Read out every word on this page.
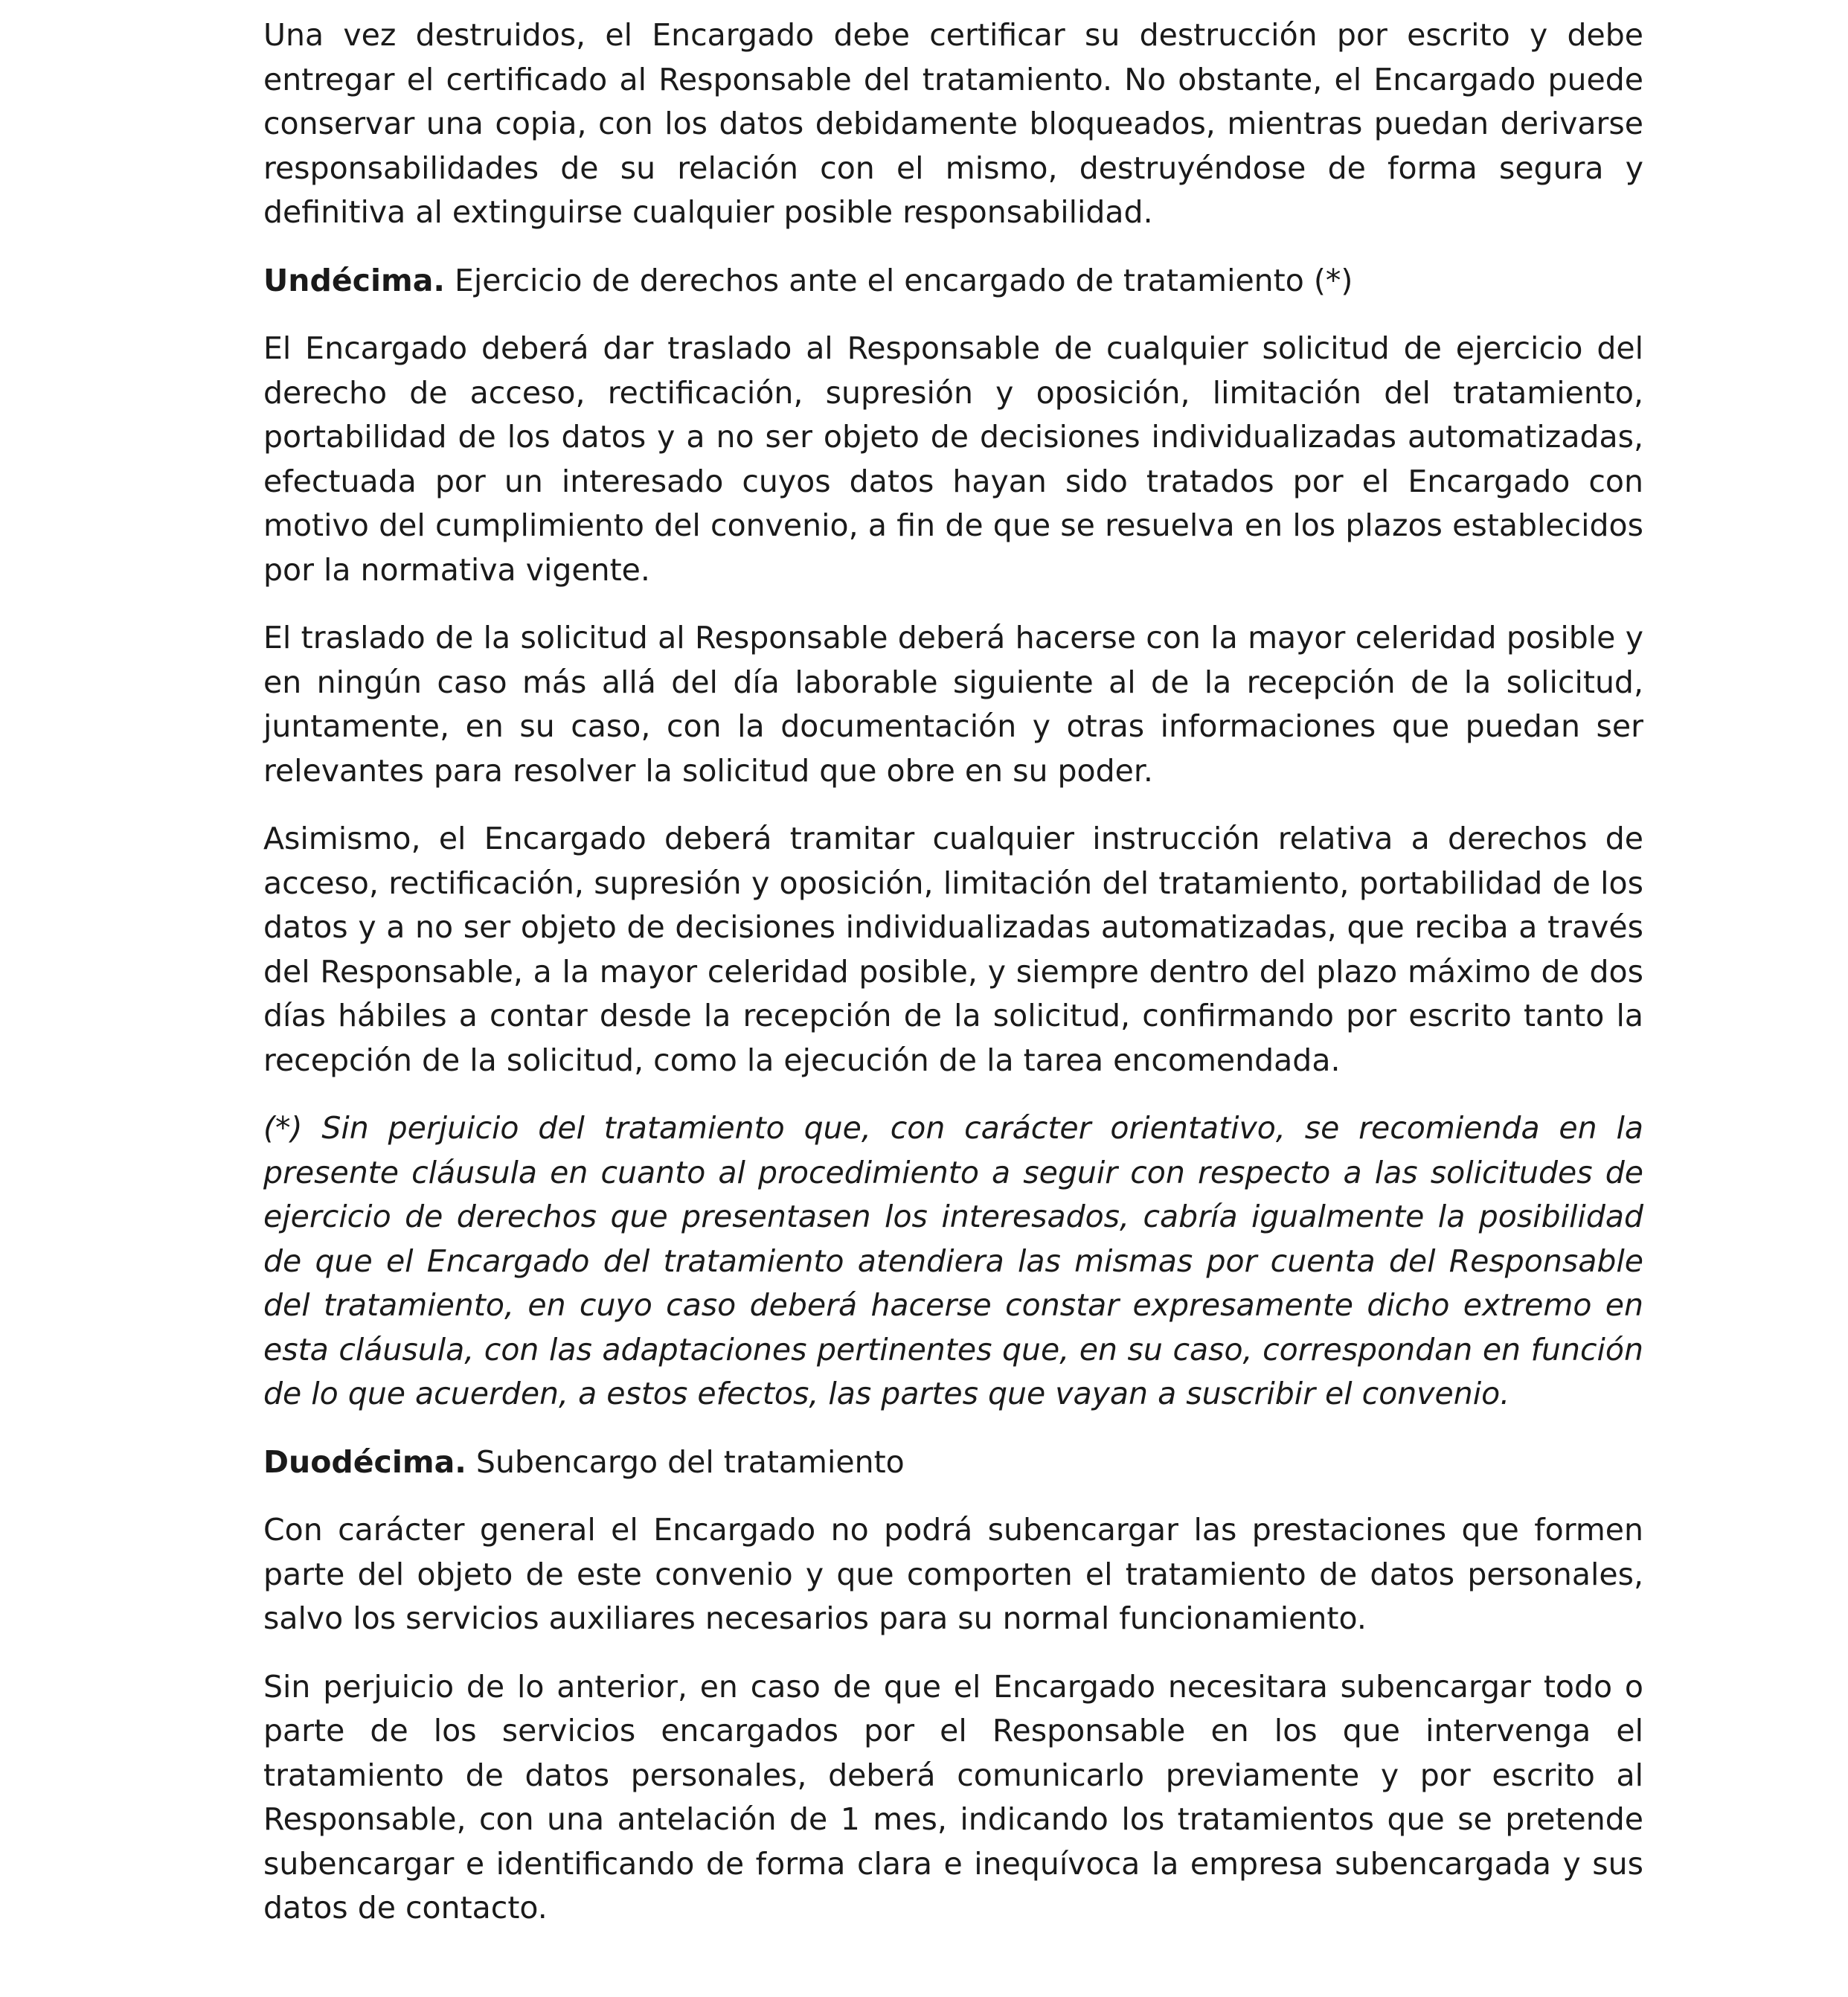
Una vez destruidos, el Encargado debe certificar su destrucción por escrito y debe entregar el certificado al Responsable del tratamiento. No obstante, el Encargado puede conservar una copia, con los datos debidamente bloqueados, mientras puedan derivarse responsabilidades de su relación con el mismo, destruyéndose de forma segura y definitiva al extinguirse cualquier posible responsabilidad.

Undécima. Ejercicio de derechos ante el encargado de tratamiento (*)

El Encargado deberá dar traslado al Responsable de cualquier solicitud de ejercicio del derecho de acceso, rectificación, supresión y oposición, limitación del tratamiento, portabilidad de los datos y a no ser objeto de decisiones individualizadas automatizadas, efectuada por un interesado cuyos datos hayan sido tratados por el Encargado con motivo del cumplimiento del convenio, a fin de que se resuelva en los plazos establecidos por la normativa vigente.

El traslado de la solicitud al Responsable deberá hacerse con la mayor celeridad posible y en ningún caso más allá del día laborable siguiente al de la recepción de la solicitud, juntamente, en su caso, con la documentación y otras informaciones que puedan ser relevantes para resolver la solicitud que obre en su poder.

Asimismo, el Encargado deberá tramitar cualquier instrucción relativa a derechos de acceso, rectificación, supresión y oposición, limitación del tratamiento, portabilidad de los datos y a no ser objeto de decisiones individualizadas automatizadas, que reciba a través del Responsable, a la mayor celeridad posible, y siempre dentro del plazo máximo de dos días hábiles a contar desde la recepción de la solicitud, confirmando por escrito tanto la recepción de la solicitud, como la ejecución de la tarea encomendada.

(*) Sin perjuicio del tratamiento que, con carácter orientativo, se recomienda en la presente cláusula en cuanto al procedimiento a seguir con respecto a las solicitudes de ejercicio de derechos que presentasen los interesados, cabría igualmente la posibilidad de que el Encargado del tratamiento atendiera las mismas por cuenta del Responsable del tratamiento, en cuyo caso deberá hacerse constar expresamente dicho extremo en esta cláusula, con las adaptaciones pertinentes que, en su caso, correspondan en función de lo que acuerden, a estos efectos, las partes que vayan a suscribir el convenio.

Duodécima. Subencargo del tratamiento

Con carácter general el Encargado no podrá subencargar las prestaciones que formen parte del objeto de este convenio y que comporten el tratamiento de datos personales, salvo los servicios auxiliares necesarios para su normal funcionamiento.

Sin perjuicio de lo anterior, en caso de que el Encargado necesitara subencargar todo o parte de los servicios encargados por el Responsable en los que intervenga el tratamiento de datos personales, deberá comunicarlo previamente y por escrito al Responsable, con una antelación de 1 mes, indicando los tratamientos que se pretende subencargar e identificando de forma clara e inequívoca la empresa subencargada y sus datos de contacto.
